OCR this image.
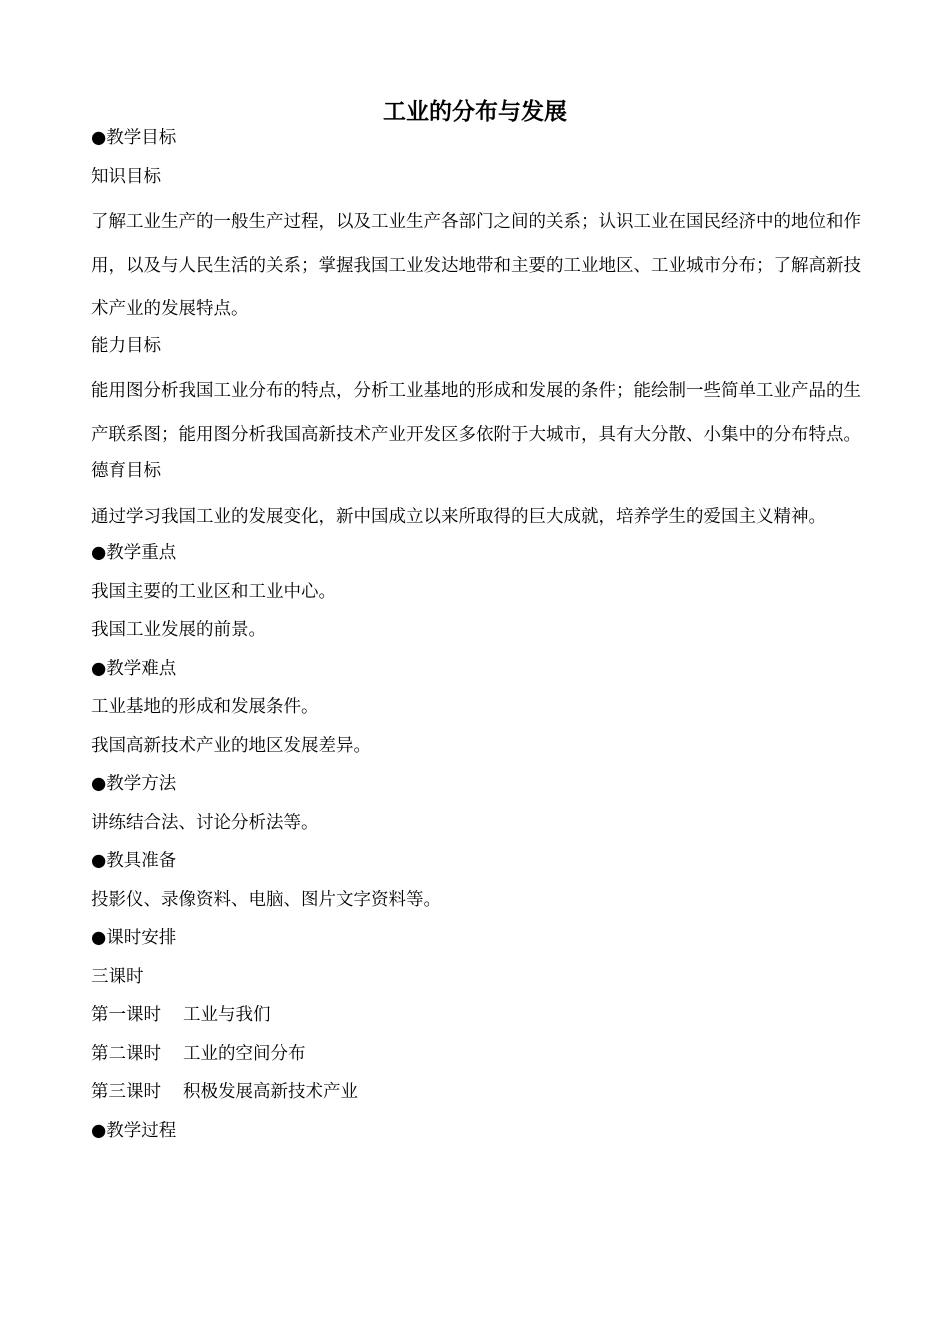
工业的分布与发展
●教学目标
知识目标

了解工业生产的一般生产过程，以及工业生产各部门之间的关系；认识工业在国民经济中的地位和作用，以及与人民生活的关系；掌握我国工业发达地带和主要的工业地区、工业城市分布；了解高新技术产业的发展特点。

能力目标

能用图分析我国工业分布的特点，分析工业基地的形成和发展的条件；能绘制一些简单工业产品的生产联系图；能用图分析我国高新技术产业开发区多依附于大城市，具有大分散、小集中的分布特点。

德育目标

通过学习我国工业的发展变化，新中国成立以来所取得的巨大成就，培养学生的爱国主义精神。

●教学重点
我国主要的工业区和工业中心。
我国工业发展的前景。
●教学难点
工业基地的形成和发展条件。
我国高新技术产业的地区发展差异。
●教学方法
讲练结合法、讨论分析法等。
●教具准备
投影仪、录像资料、电脑、图片文字资料等。
●课时安排
三课时
第一课时 工业与我们
第二课时 工业的空间分布
第三课时 积极发展高新技术产业
●教学过程
